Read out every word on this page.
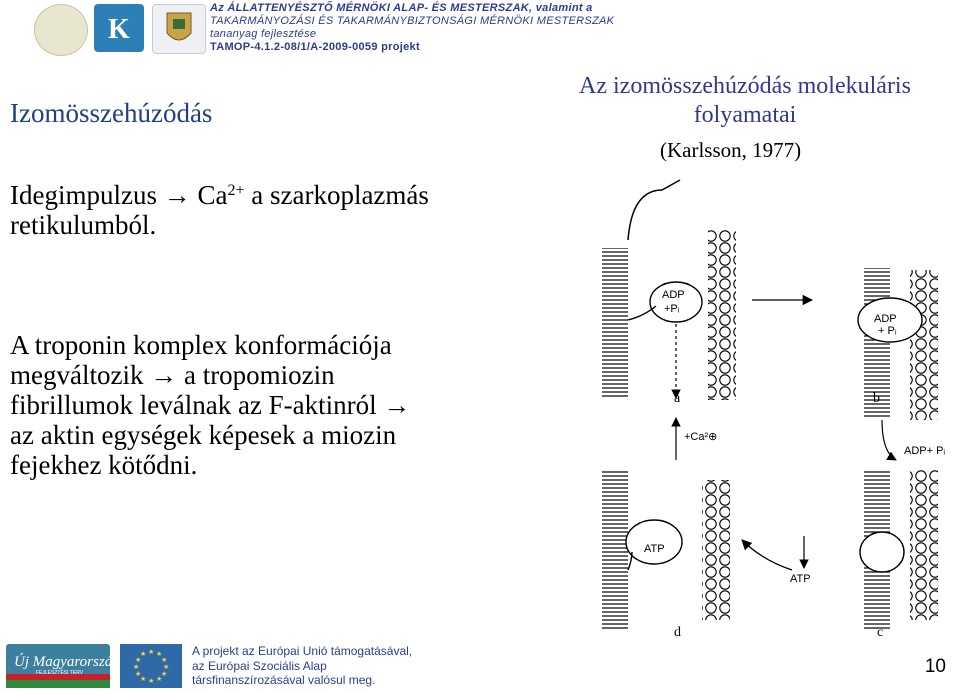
K
Az ÁLLATTENYÉSZTŐ MÉRNÖKI ALAP- ÉS MESTERSZAK, valamint a
TAKARMÁNYOZÁSI ÉS TAKARMÁNYBIZTONSÁGI MÉRNÖKI MESTERSZAK
tananyag fejlesztése
TAMOP-4.1.2-08/1/A-2009-0059 projekt
Izomösszehúzódás
Idegimpulzus → $Ca^{2+}$ a szarkoplazmás
retikulumból.
A troponin komplex konformációja
megváltozik → a tropomiozin
fibrillumok leválnak az F-aktinról →
az aktin egységek képesek a miozin
fejekhez kötődni.
Az izomösszehúzódás molekuláris
folyamatai
(Karlsson, 1977)
ADP
+Pᵢ
ADP
+ Pᵢ
ATP
+Ca²⊕
ADP+ Pᵢ
ATP
a	b
c
d
Új Magyarország
FEJLESZTÉSI TERV
★ ★
★
★
★
★
★
★
★
★
★
★	A projekt az Európai Unió támogatásával,
az Európai Szociális Alap
társfinanszírozásával valósul meg.
10
